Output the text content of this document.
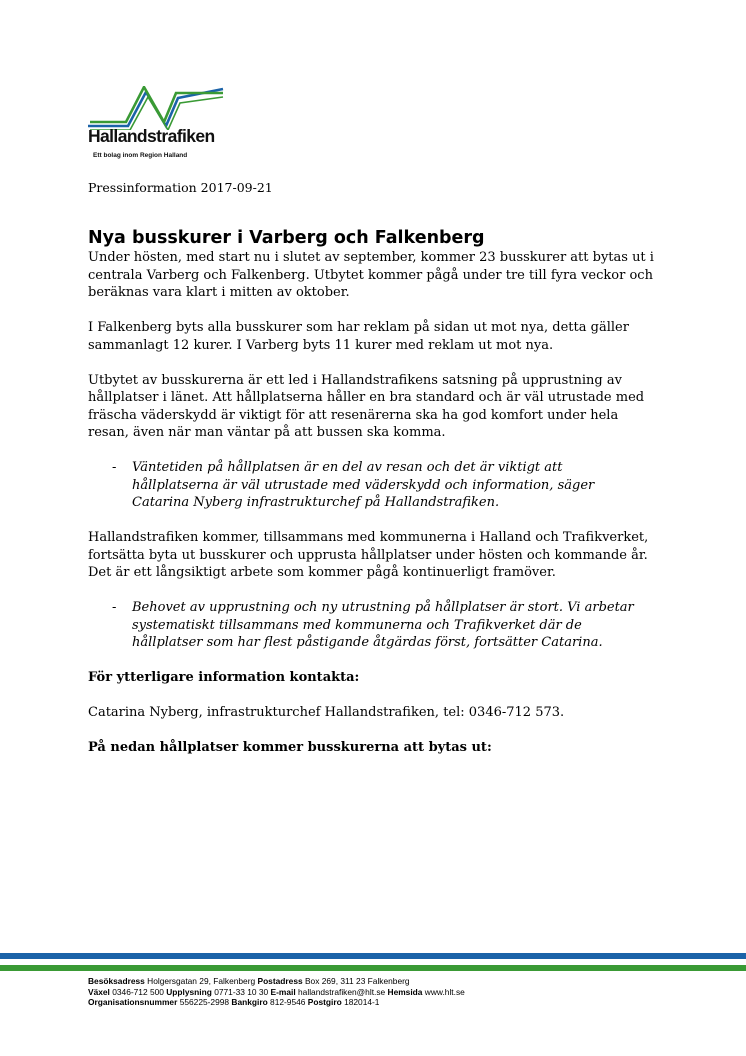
Hallandstrafiken
Ett bolag inom Region Halland
Pressinformation 2017-09-21
Nya busskurer i Varberg och Falkenberg

Under hösten, med start nu i slutet av september, kommer 23 busskurer att bytas ut i centrala Varberg och Falkenberg. Utbytet kommer pågå under tre till fyra veckor och beräknas vara klart i mitten av oktober.

I Falkenberg byts alla busskurer som har reklam på sidan ut mot nya, detta gäller sammanlagt 12 kurer. I Varberg byts 11 kurer med reklam ut mot nya.

Utbytet av busskurerna är ett led i Hallandstrafikens satsning på upprustning av hållplatser i länet. Att hållplatserna håller en bra standard och är väl utrustade med fräscha väderskydd är viktigt för att resenärerna ska ha god komfort under hela resan, även när man väntar på att bussen ska komma.

-	Väntetiden på hållplatsen är en del av resan och det är viktigt att hållplatserna är väl utrustade med väderskydd och information, säger Catarina Nyberg infrastrukturchef på Hallandstrafiken.

Hallandstrafiken kommer, tillsammans med kommunerna i Halland och Trafikverket, fortsätta byta ut busskurer och upprusta hållplatser under hösten och kommande år. Det är ett långsiktigt arbete som kommer pågå kontinuerligt framöver.

-	Behovet av upprustning och ny utrustning på hållplatser är stort. Vi arbetar systematiskt tillsammans med kommunerna och Trafikverket där de hållplatser som har flest påstigande åtgärdas först, fortsätter Catarina.

För ytterligare information kontakta:

Catarina Nyberg, infrastrukturchef Hallandstrafiken, tel: 0346-712 573.

På nedan hållplatser kommer busskurerna att bytas ut:

Besöksadress Holgersgatan 29, Falkenberg Postadress Box 269, 311 23 Falkenberg
Växel 0346-712 500 Upplysning 0771-33 10 30 E-mail hallandstrafiken@hlt.se Hemsida www.hlt.se
Organisationsnummer 556225-2998 Bankgiro 812-9546 Postgiro 182014-1
